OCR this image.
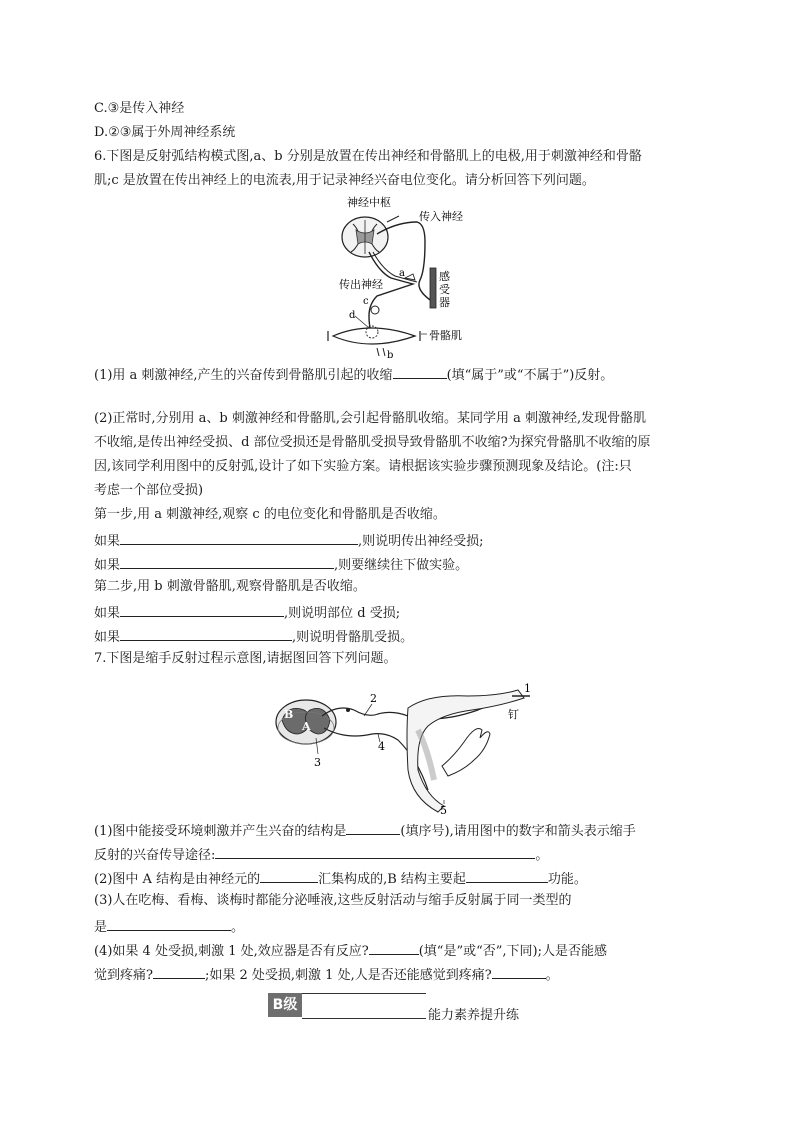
C.③是传入神经
D.②③属于外周神经系统
6.下图是反射弧结构模式图,a、b 分别是放置在传出神经和骨骼肌上的电极,用于刺激神经和骨骼
肌;c 是放置在传出神经上的电流表,用于记录神经兴奋电位变化。请分析回答下列问题。
神经中枢
传入神经
传出神经
感
受
器
骨骼肌
a
c
d
b
(1)用 a 刺激神经,产生的兴奋传到骨骼肌引起的收缩	(填“属于”或“不属于”)反射。
(2)正常时,分别用 a、b 刺激神经和骨骼肌,会引起骨骼肌收缩。某同学用 a 刺激神经,发现骨骼肌
不收缩,是传出神经受损、d 部位受损还是骨骼肌受损导致骨骼肌不收缩?为探究骨骼肌不收缩的原
因,该同学利用图中的反射弧,设计了如下实验方案。请根据该实验步骤预测现象及结论。(注:只
考虑一个部位受损)
第一步,用 a 刺激神经,观察 c 的电位变化和骨骼肌是否收缩。
如果	,则说明传出神经受损;
如果	,则要继续往下做实验。
第二步,用 b 刺激骨骼肌,观察骨骼肌是否收缩。
如果	,则说明部位 d 受损;
如果	,则说明骨骼肌受损。
7.下图是缩手反射过程示意图,请据图回答下列问题。
B
A
1
钉
2
4
3
5
(1)图中能接受环境刺激并产生兴奋的结构是	(填序号),请用图中的数字和箭头表示缩手
反射的兴奋传导途径:	。
(2)图中 A 结构是由神经元的	汇集构成的,B 结构主要起	功能。
(3)人在吃梅、看梅、谈梅时都能分泌唾液,这些反射活动与缩手反射属于同一类型的
是	。
(4)如果 4 处受损,刺激 1 处,效应器是否有反应?	(填“是”或“否”,下同);人是否能感
觉到疼痛?	;如果 2 处受损,刺激 1 处,人是否还能感觉到疼痛?	。
B级
能力素养提升练
